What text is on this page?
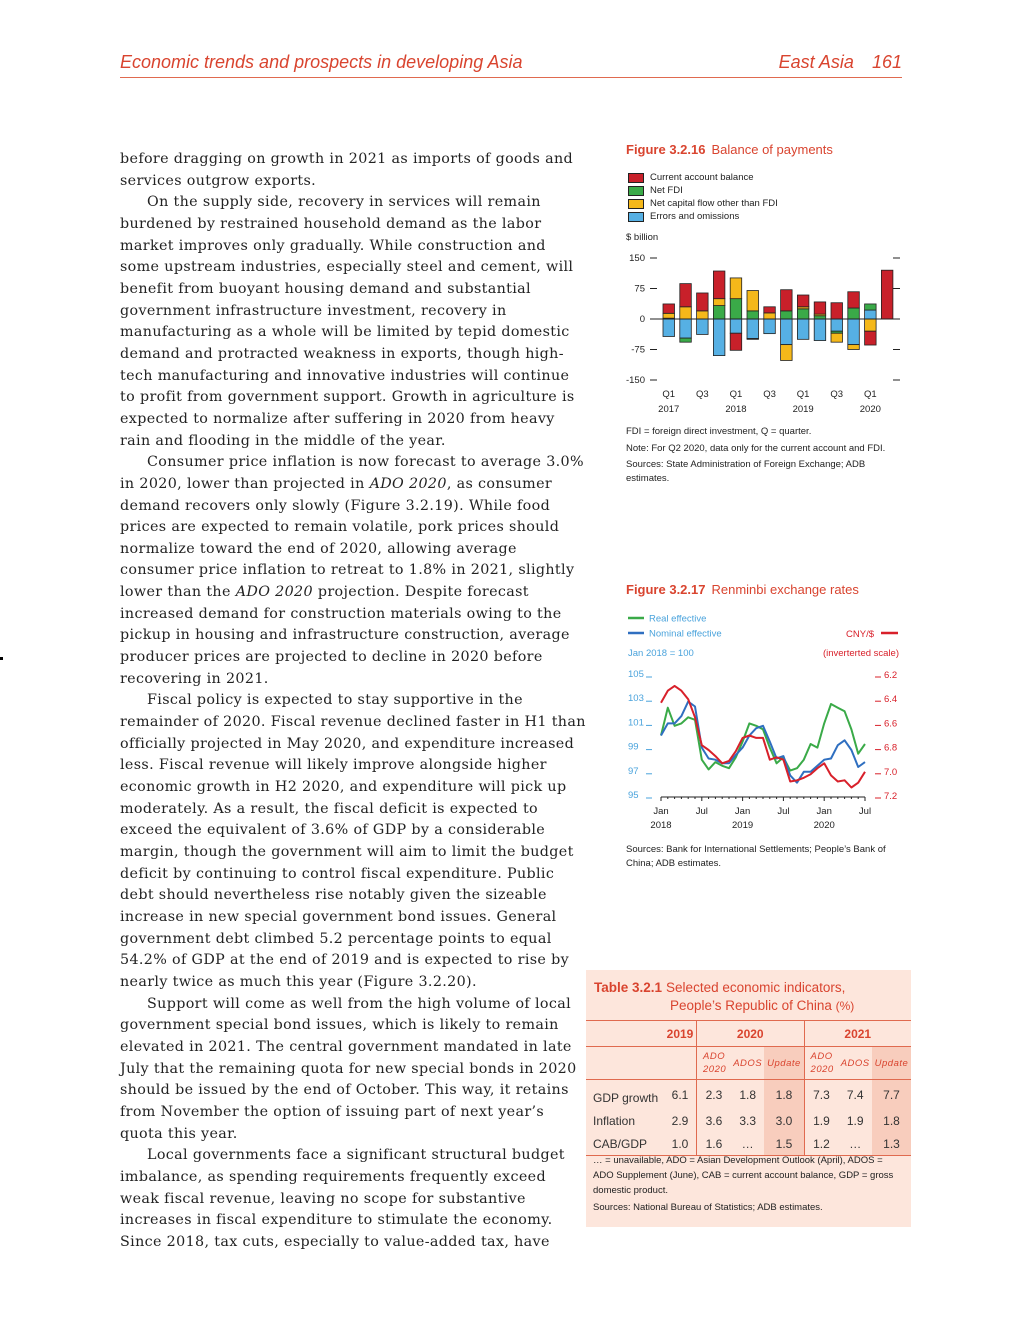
Economic trends and prospects in developing Asia	East Asia 161

before dragging on growth in 2021 as imports of goods and services outgrow exports.

On the supply side, recovery in services will remain burdened by restrained household demand as the labor market improves only gradually. While construction and some upstream industries, especially steel and cement, will benefit from buoyant housing demand and substantial government infrastructure investment, recovery in manufacturing as a whole will be limited by tepid domestic demand and protracted weakness in exports, though high-tech manufacturing and innovative industries will continue to profit from government support. Growth in agriculture is expected to normalize after suffering in 2020 from heavy rain and flooding in the middle of the year.

Consumer price inflation is now forecast to average 3.0% in 2020, lower than projected in ADO 2020, as consumer demand recovers only slowly (Figure 3.2.19). While food prices are expected to remain volatile, pork prices should normalize toward the end of 2020, allowing average consumer price inflation to retreat to 1.8% in 2021, slightly lower than the ADO 2020 projection. Despite forecast increased demand for construction materials owing to the pickup in housing and infrastructure construction, average producer prices are projected to decline in 2020 before recovering in 2021.

Fiscal policy is expected to stay supportive in the remainder of 2020. Fiscal revenue declined faster in H1 than officially projected in May 2020, and expenditure increased less. Fiscal revenue will likely improve alongside higher economic growth in H2 2020, and expenditure will pick up moderately. As a result, the fiscal deficit is expected to exceed the equivalent of 3.6% of GDP by a considerable margin, though the government will aim to limit the budget deficit by continuing to control fiscal expenditure. Public debt should nevertheless rise notably given the sizeable increase in new special government bond issues. General government debt climbed 5.2 percentage points to equal 54.2% of GDP at the end of 2019 and is expected to rise by nearly twice as much this year (Figure 3.2.20).

Support will come as well from the high volume of local government special bond issues, which is likely to remain elevated in 2021. The central government mandated in late July that the remaining quota for new special bonds in 2020 should be issued by the end of October. This way, it retains from November the option of issuing part of next year’s quota this year.

Local governments face a significant structural budget imbalance, as spending requirements frequently exceed weak fiscal revenue, leaving no scope for substantive increases in fiscal expenditure to stimulate the economy. Since 2018, tax cuts, especially to value-added tax, have

Figure 3.2.16 Balance of payments
Current account balance
Net FDI
Net capital flow other than FDI
Errors and omissions
$ billion
150
75
0
-75
-150
Q1
2017
Q3 Q1
2018
Q3 Q1
2019
Q3 Q1
2020

FDI = foreign direct investment, Q = quarter.

Note: For Q2 2020, data only for the current account and FDI.

Sources: State Administration of Foreign Exchange; ADB estimates.

Figure 3.2.17 Renminbi exchange rates
Real effective
Nominal effective
Jan 2018 = 100
CNY/$
(inverterted scale)
105
103
101
99
97
95
6.2
6.4
6.6
6.8
7.0
7.2
Jan
2018
Jul	Jan
2019
Jul	Jan
2020
Jul

Sources: Bank for International Settlements; People’s Bank of China; ADB estimates.

Table 3.2.1 Selected economic indicators,
People’s Republic of China (%)
	2019	2020			2021		
		ADO
2020	ADOS	Update	ADO
2020	ADOS	Update
GDP growth	6.1	2.3	1.8	1.8	7.3	7.4	7.7
Inflation	2.9	3.6	3.3	3.0	1.9	1.9	1.8
CAB/GDP	1.0	1.6	…	1.5	1.2	…	1.3

… = unavailable, ADO = Asian Development Outlook (April), ADOS = ADO Supplement (June), CAB = current account balance, GDP = gross domestic product.

Sources: National Bureau of Statistics; ADB estimates.
